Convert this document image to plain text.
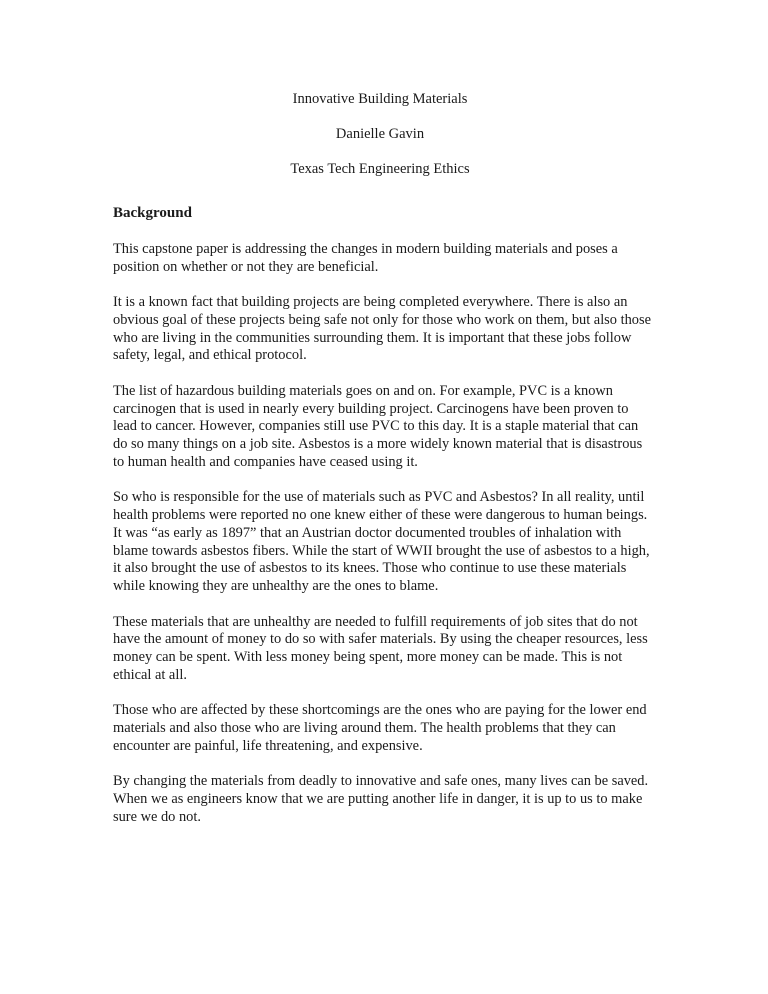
Innovative Building Materials

Danielle Gavin

Texas Tech Engineering Ethics

Background

This capstone paper is addressing the changes in modern building materials and poses a position on whether or not they are beneficial.

It is a known fact that building projects are being completed everywhere. There is also an obvious goal of these projects being safe not only for those who work on them, but also those who are living in the communities surrounding them. It is important that these jobs follow safety, legal, and ethical protocol.

The list of hazardous building materials goes on and on. For example, PVC is a known carcinogen that is used in nearly every building project. Carcinogens have been proven to lead to cancer. However, companies still use PVC to this day. It is a staple material that can do so many things on a job site. Asbestos is a more widely known material that is disastrous to human health and companies have ceased using it.

So who is responsible for the use of materials such as PVC and Asbestos? In all reality, until health problems were reported no one knew either of these were dangerous to human beings. It was “as early as 1897” that an Austrian doctor documented troubles of inhalation with blame towards asbestos fibers. While the start of WWII brought the use of asbestos to a high, it also brought the use of asbestos to its knees. Those who continue to use these materials while knowing they are unhealthy are the ones to blame.

These materials that are unhealthy are needed to fulfill requirements of job sites that do not have the amount of money to do so with safer materials. By using the cheaper resources, less money can be spent. With less money being spent, more money can be made. This is not ethical at all.

Those who are affected by these shortcomings are the ones who are paying for the lower end materials and also those who are living around them. The health problems that they can encounter are painful, life threatening, and expensive.

By changing the materials from deadly to innovative and safe ones, many lives can be saved. When we as engineers know that we are putting another life in danger, it is up to us to make sure we do not.
